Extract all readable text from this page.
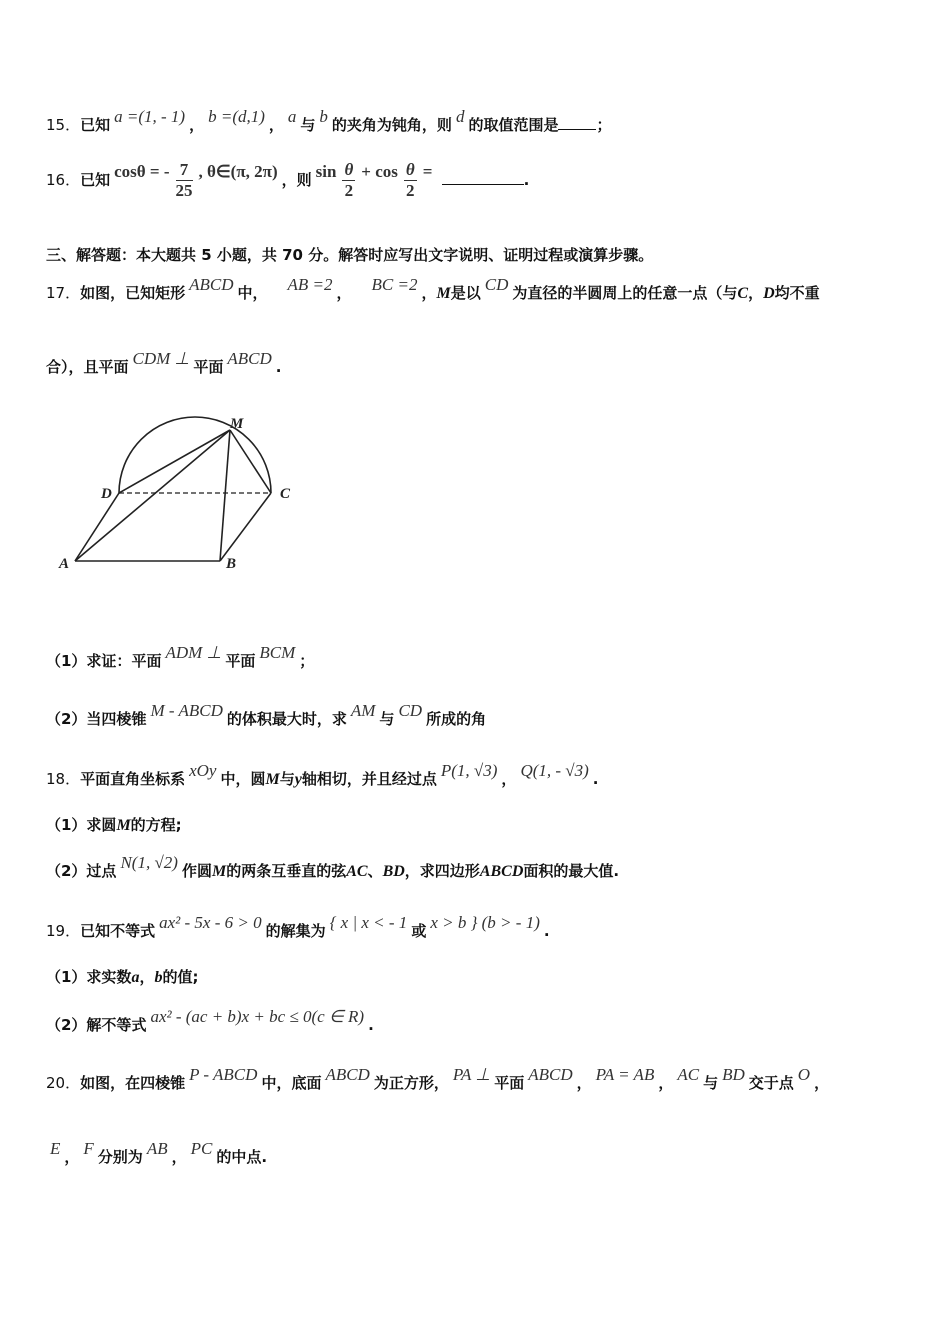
15．已知 a =(1, - 1) ， b =(d,1) ， a 与 b 的夹角为钝角，则 d 的取值范围是	；
16．已知 cosθ = - $\frac{7}{25}$ , θ∈(π, 2π) ，则 $\sin \frac{\theta}{2} + \cos \frac{\theta}{2}$ =	.
三、解答题：本大题共 5 小题，共 70 分。解答时应写出文字说明、证明过程或演算步骤。
17．如图，已知矩形 ABCD 中， AB =2 ， BC =2 ，M是以 CD 为直径的半圆周上的任意一点（与C，D均不重
合），且平面 CDM ⊥ 平面 ABCD .
M
D	C
A	B
（1）求证：平面 ADM ⊥ 平面 BCM ；
（2）当四棱锥 M - ABCD 的体积最大时，求 AM 与 CD 所成的角
18．平面直角坐标系 xOy 中，圆M与y轴相切，并且经过点 P(1, √3) ， Q(1, - √3) .
（1）求圆M的方程;
（2）过点 N(1, √2) 作圆M的两条互垂直的弦AC、BD，求四边形ABCD面积的最大值.
19．已知不等式 ax² - 5x - 6 > 0 的解集为 { x | x < - 1 或 x > b } (b > - 1) .
（1）求实数a，b的值;
（2）解不等式 ax² - (ac + b)x + bc ≤ 0(c ∈ R) .
20．如图，在四棱锥 P - ABCD 中，底面 ABCD 为正方形， PA ⊥ 平面 ABCD ， PA = AB ， AC 与 BD 交于点 O ，
E ， F 分别为 AB ， PC 的中点.
